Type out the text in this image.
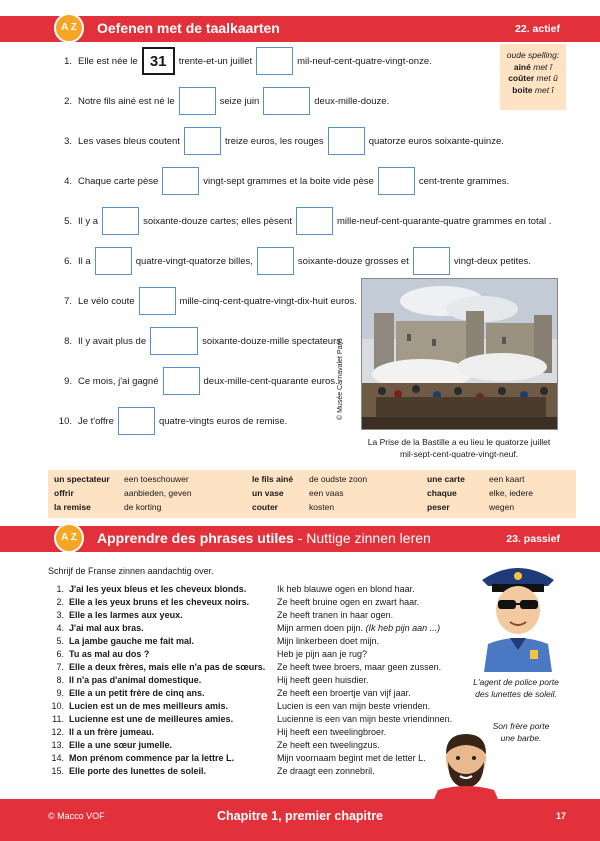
A Z	Oefenen met de taalkaarten	22. actief
1. Elle est née le 31	trente-et-un juillet	mil-neuf-cent-quatre-vingt-onze.
2. Notre fils ainé est né le	seize juin	deux-mille-douze.
3. Les vases bleus coutent	treize euros, les rouges	quatorze euros soixante-quinze.
4. Chaque carte pèse	vingt-sept grammes et la boite vide pèse	cent-trente grammes.
5. Il y a	soixante-douze cartes; elles pèsent	mille-neuf-cent-quarante-quatre grammes en total .
6. Il a	quatre-vingt-quatorze billes,	soixante-douze grosses et	vingt-deux petites.
7. Le vélo coute	mille-cinq-cent-quatre-vingt-dix-huit euros.
8. Il y avait plus de	soixante-douze-mille spectateurs.
9. Ce mois, j'ai gagné	deux-mille-cent-quarante euros.
10. Je t'offre	quatre-vingts euros de remise.
oude spelling:
ainé met î
coûter met û
boite met î
© Musée Carnavalet Paris
La Prise de la Bastille a eu lieu le quatorze juillet
mil-sept-cent-quatre-vingt-neuf.
un spectateur	een toeschouwer	le fils ainé	de oudste zoon	une carte	een kaart
offrir	aanbieden, geven	un vase	een vaas	chaque	elke, iedere
la remise	de korting	couter	kosten	peser	wegen
A Z	Apprendre des phrases utiles - Nuttige zinnen leren	23. passief
Schrijf de Franse zinnen aandachtig over.
1. J'ai les yeux bleus et les cheveux blonds.	Ik heb blauwe ogen en blond haar.
2. Elle a les yeux bruns et les cheveux noirs.	Ze heeft bruine ogen en zwart haar.
3. Elle a les larmes aux yeux.	Ze heeft tranen in haar ogen.
4. J'ai mal aux bras.	Mijn armen doen pijn. (Ik heb pijn aan ...)
5. La jambe gauche me fait mal.	Mijn linkerbeen doet mijn.
6. Tu as mal au dos ?	Heb je pijn aan je rug?
7. Elle a deux frères, mais elle n'a pas de sœurs.	Ze heeft twee broers, maar geen zussen.
8. Il n'a pas d'animal domestique.	Hij heeft geen huisdier.
9. Elle a un petit frère de cinq ans.	Ze heeft een broertje van vijf jaar.
10. Lucien est un de mes meilleurs amis.	Lucien is een van mijn beste vrienden.
11. Lucienne est une de meilleures amies.	Lucienne is een van mijn beste vriendinnen.
12. Il a un frère jumeau.	Hij heeft een tweelingbroer.
13. Elle a une sœur jumelle.	Ze heeft een tweelingzus.
14. Mon prénom commence par la lettre L.	Mijn voornaam begint met de letter L.
15. Elle porte des lunettes de soleil.	Ze draagt een zonnebril.
L'agent de police porte
des lunettes de soleil.
Son frère porte
une barbe.
© Macco VOF	Chapitre 1, premier chapitre	17
